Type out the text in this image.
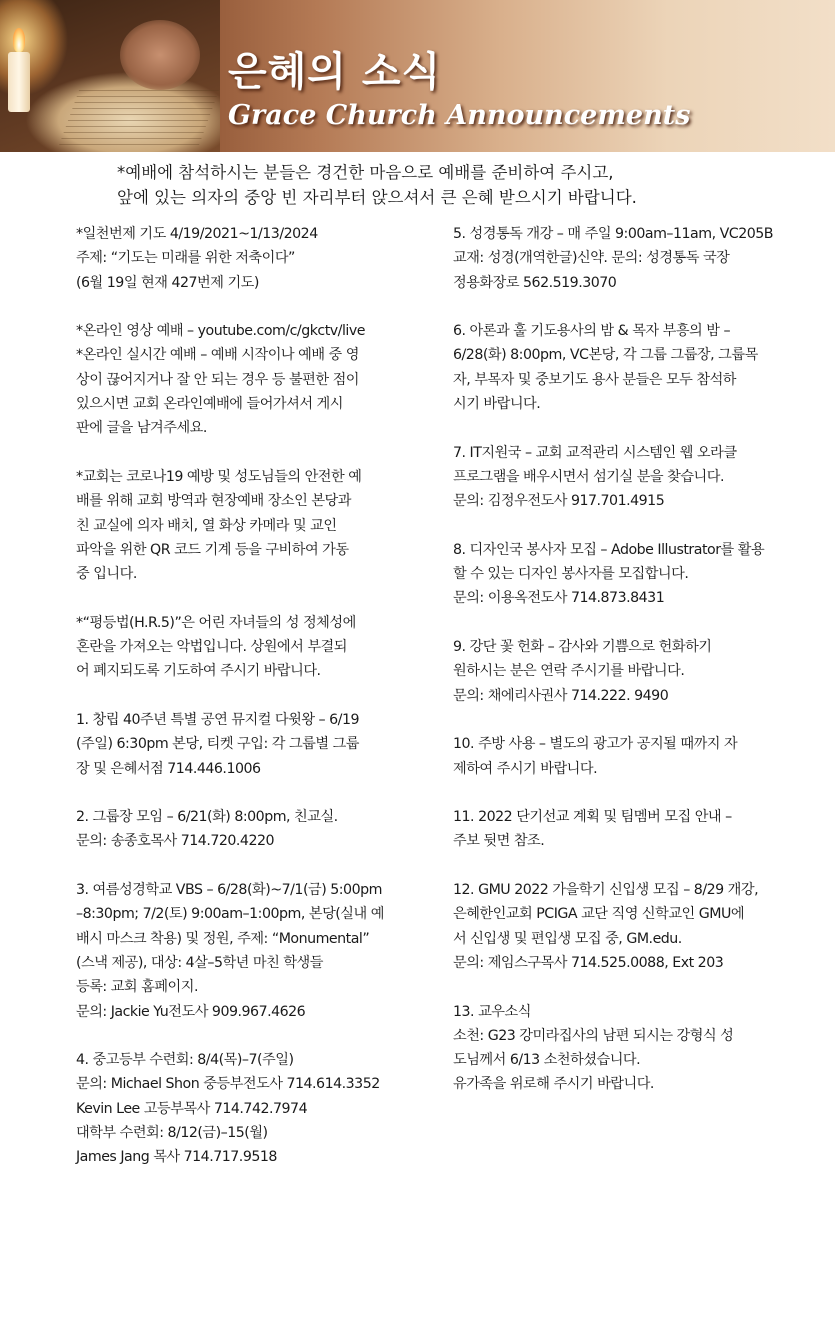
은혜의 소식
Grace Church Announcements
*예배에 참석하시는 분들은 경건한 마음으로 예배를 준비하여 주시고,
앞에 있는 의자의 중앙 빈 자리부터 앉으셔서 큰 은혜 받으시기 바랍니다.
*일천번제 기도 4/19/2021~1/13/2024
주제: “기도는 미래를 위한 저축이다”
(6월 19일 현재 427번제 기도)
*온라인 영상 예배 – youtube.com/c/gkctv/live
*온라인 실시간 예배 – 예배 시작이나 예배 중 영
상이 끊어지거나 잘 안 되는 경우 등 불편한 점이
있으시면 교회 온라인예배에 들어가셔서 게시
판에 글을 남겨주세요.
*교회는 코로나19 예방 및 성도님들의 안전한 예
배를 위해 교회 방역과 현장예배 장소인 본당과
친 교실에 의자 배치, 열 화상 카메라 및 교인
파악을 위한 QR 코드 기계 등을 구비하여 가동
중 입니다.
*“평등법(H.R.5)”은 어린 자녀들의 성 정체성에
혼란을 가져오는 악법입니다. 상원에서 부결되
어 폐지되도록 기도하여 주시기 바랍니다.
1. 창립 40주년 특별 공연 뮤지컬 다윗왕 – 6/19
(주일) 6:30pm 본당, 티켓 구입: 각 그룹별 그룹
장 및 은혜서점 714.446.1006
2. 그룹장 모임 – 6/21(화) 8:00pm, 친교실.
문의: 송종호목사 714.720.4220
3. 여름성경학교 VBS – 6/28(화)~7/1(금) 5:00pm
–8:30pm; 7/2(토) 9:00am–1:00pm, 본당(실내 예
배시 마스크 착용) 및 정원, 주제: “Monumental”
(스낵 제공), 대상: 4살–5학년 마친 학생들
등록: 교회 홈페이지.
문의: Jackie Yu전도사 909.967.4626
4. 중고등부 수련회: 8/4(목)–7(주일)
문의: Michael Shon 중등부전도사 714.614.3352
Kevin Lee 고등부목사 714.742.7974
대학부 수련회: 8/12(금)–15(월)
James Jang 목사 714.717.9518
5. 성경통독 개강 – 매 주일 9:00am–11am, VC205B
교재: 성경(개역한글)신약. 문의: 성경통독 국장
정용화장로 562.519.3070
6. 아론과 훌 기도용사의 밤 & 목자 부흥의 밤 –
6/28(화) 8:00pm, VC본당, 각 그룹 그룹장, 그룹목
자, 부목자 및 중보기도 용사 분들은 모두 참석하
시기 바랍니다.
7. IT지원국 – 교회 교적관리 시스템인 웹 오라클
프로그램을 배우시면서 섬기실 분을 찾습니다.
문의: 김정우전도사 917.701.4915
8. 디자인국 봉사자 모집 – Adobe Illustrator를 활용
할 수 있는 디자인 봉사자를 모집합니다.
문의: 이용옥전도사 714.873.8431
9. 강단 꽃 헌화 – 감사와 기쁨으로 헌화하기
원하시는 분은 연락 주시기를 바랍니다.
문의: 채에리사권사 714.222. 9490
10. 주방 사용 – 별도의 광고가 공지될 때까지 자
제하여 주시기 바랍니다.
11. 2022 단기선교 계획 및 팀멤버 모집 안내 –
주보 뒷면 참조.
12. GMU 2022 가을학기 신입생 모집 – 8/29 개강,
은혜한인교회 PCIGA 교단 직영 신학교인 GMU에
서 신입생 및 편입생 모집 중, GM.edu.
문의: 제임스구목사 714.525.0088, Ext 203
13. 교우소식
소천: G23 강미라집사의 남편 되시는 강형식 성
도님께서 6/13 소천하셨습니다.
유가족을 위로해 주시기 바랍니다.
